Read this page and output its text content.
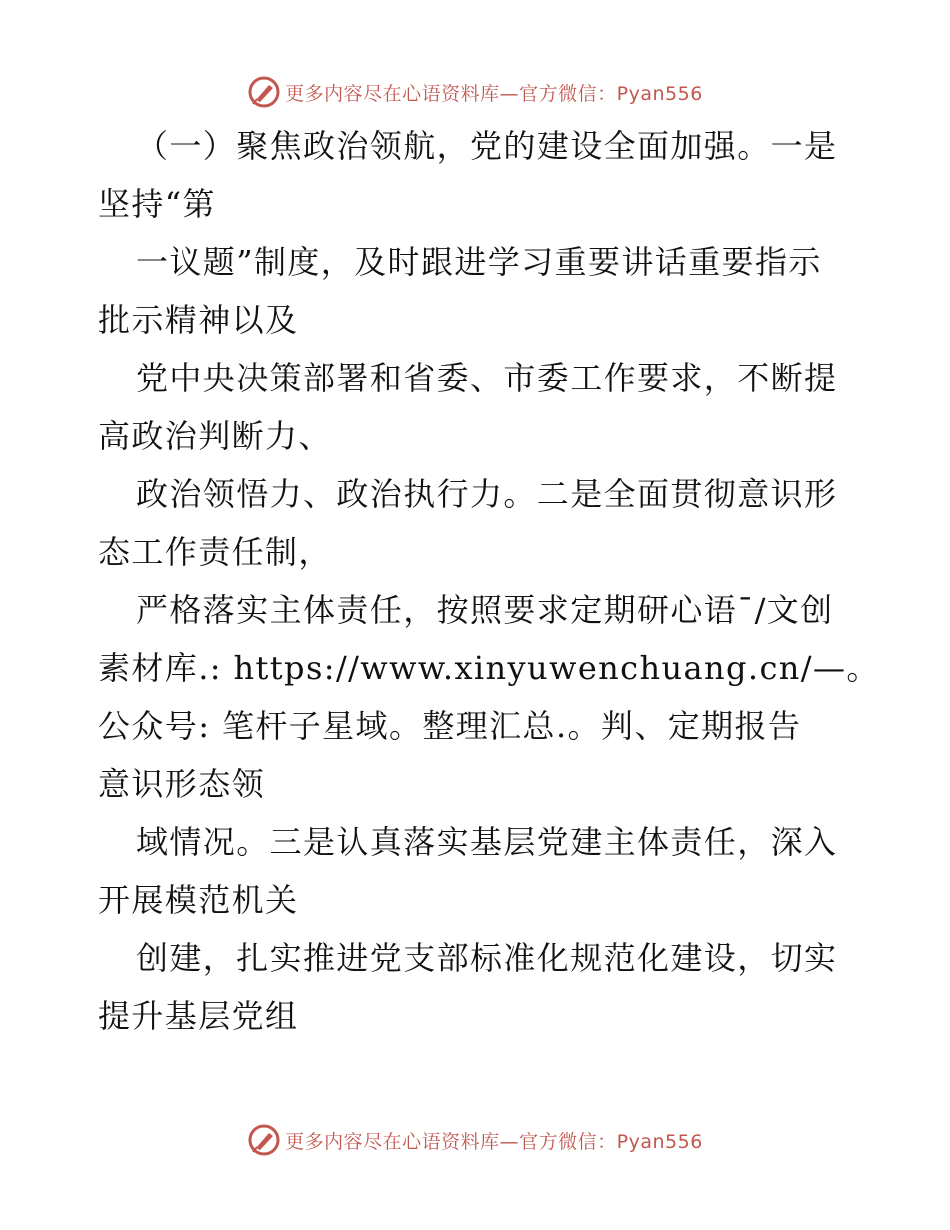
更多内容尽在心语资料库—官方微信：Pyan556
（一）聚焦政治领航，党的建设全面加强。一是
坚持“第
一议题”制度，及时跟进学习重要讲话重要指示
批示精神以及
党中央决策部署和省委、市委工作要求，不断提
高政治判断力、
政治领悟力、政治执行力。二是全面贯彻意识形
态工作责任制，
严格落实主体责任，按照要求定期研心语¯/文创
素材库.: https://www.xinyuwenchuang.cn/—。
公众号: 笔杆子星域。整理汇总.。判、定期报告
意识形态领
域情况。三是认真落实基层党建主体责任，深入
开展模范机关
创建，扎实推进党支部标准化规范化建设，切实
提升基层党组
更多内容尽在心语资料库—官方微信：Pyan556
